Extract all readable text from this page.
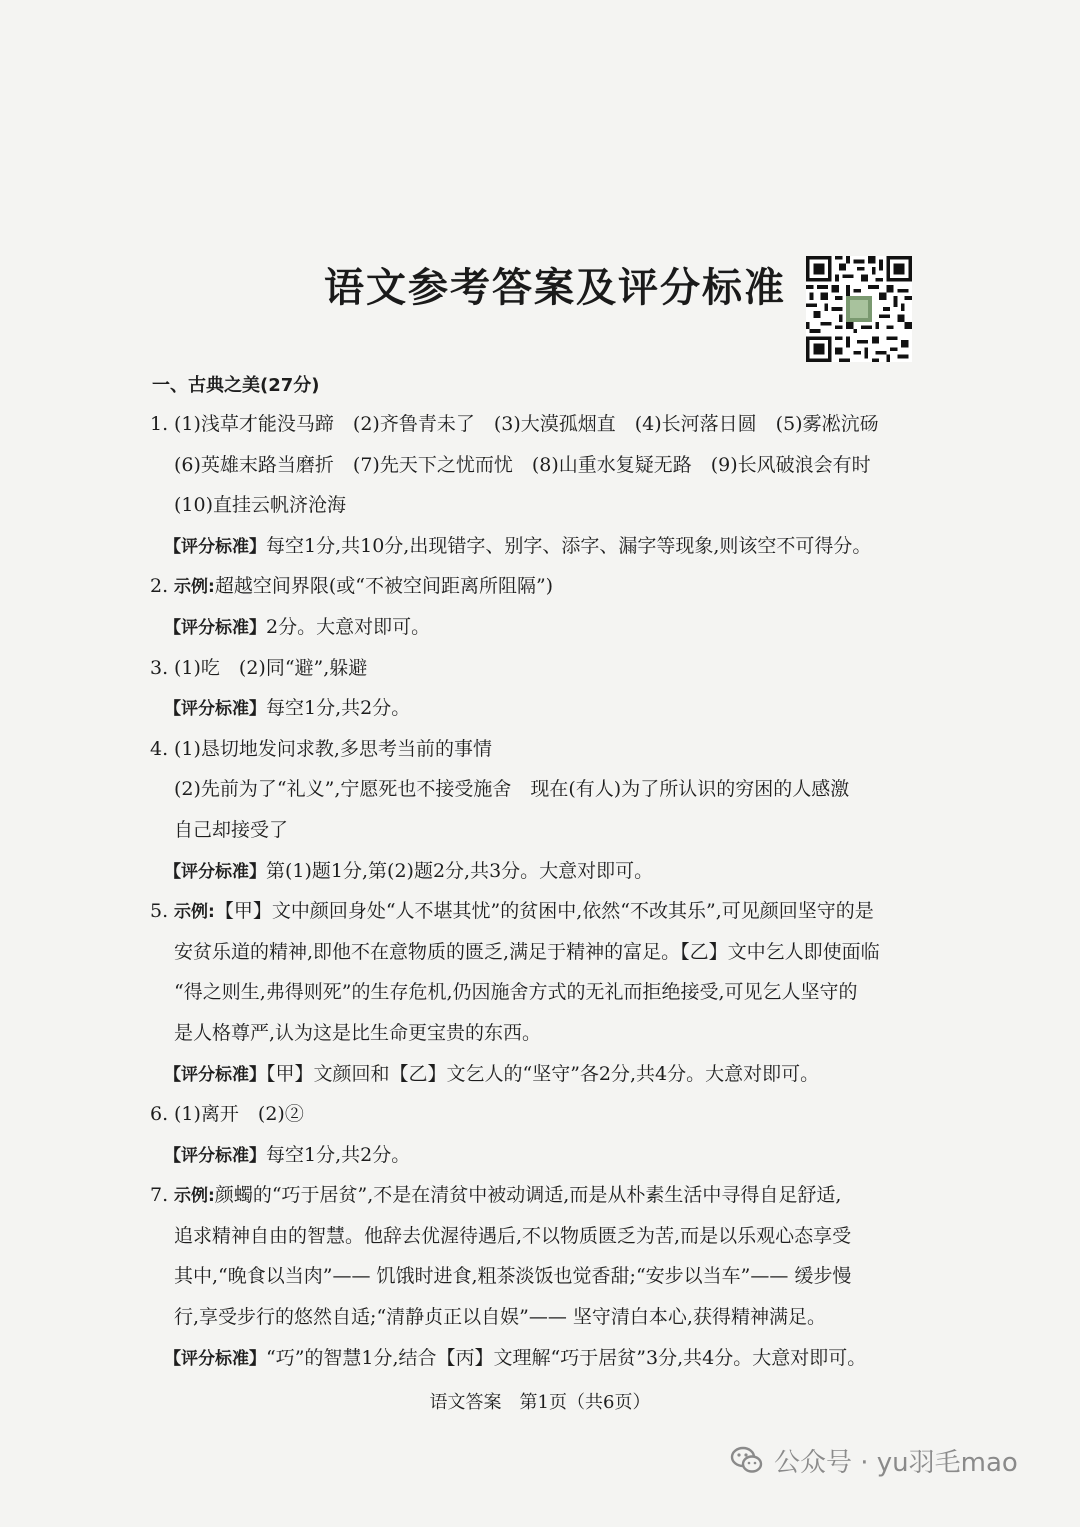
语文参考答案及评分标准
一、古典之美(27分)
1. (1)浅草才能没马蹄　(2)齐鲁青未了　(3)大漠孤烟直　(4)长河落日圆　(5)雾凇沆砀
(6)英雄末路当磨折　(7)先天下之忧而忧　(8)山重水复疑无路　(9)长风破浪会有时
(10)直挂云帆济沧海
【评分标准】每空1分,共10分,出现错字、别字、添字、漏字等现象,则该空不可得分。
2. 示例:超越空间界限(或“不被空间距离所阻隔”)
【评分标准】2分。大意对即可。
3. (1)吃　(2)同“避”,躲避
【评分标准】每空1分,共2分。
4. (1)恳切地发问求教,多思考当前的事情
(2)先前为了“礼义”,宁愿死也不接受施舍　现在(有人)为了所认识的穷困的人感激
自己却接受了
【评分标准】第(1)题1分,第(2)题2分,共3分。大意对即可。
5. 示例:【甲】文中颜回身处“人不堪其忧”的贫困中,依然“不改其乐”,可见颜回坚守的是
安贫乐道的精神,即他不在意物质的匮乏,满足于精神的富足。【乙】文中乞人即使面临
“得之则生,弗得则死”的生存危机,仍因施舍方式的无礼而拒绝接受,可见乞人坚守的
是人格尊严,认为这是比生命更宝贵的东西。
【评分标准】【甲】文颜回和【乙】文乞人的“坚守”各2分,共4分。大意对即可。
6. (1)离开　(2)②
【评分标准】每空1分,共2分。
7. 示例:颜蠋的“巧于居贫”,不是在清贫中被动调适,而是从朴素生活中寻得自足舒适,
追求精神自由的智慧。他辞去优渥待遇后,不以物质匮乏为苦,而是以乐观心态享受
其中,“晚食以当肉”—— 饥饿时进食,粗茶淡饭也觉香甜;“安步以当车”—— 缓步慢
行,享受步行的悠然自适;“清静贞正以自娱”—— 坚守清白本心,获得精神满足。
【评分标准】“巧”的智慧1分,结合【丙】文理解“巧于居贫”3分,共4分。大意对即可。
语文答案　第1页（共6页）
公众号 · yu羽毛mao
